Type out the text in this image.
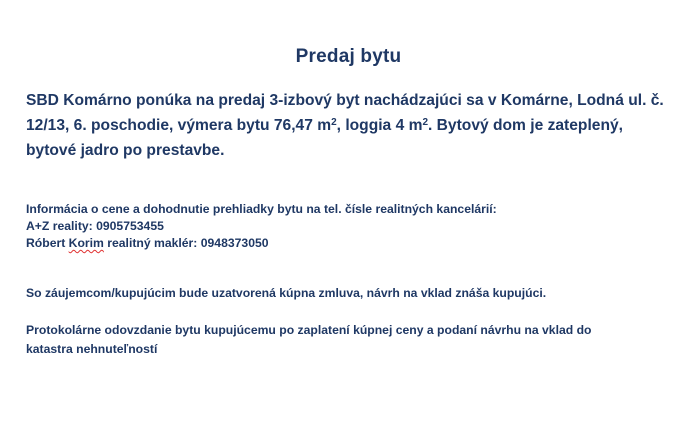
Predaj bytu
SBD Komárno ponúka na predaj 3-izbový byt nachádzajúci sa v Komárne, Lodná ul. č. 12/13, 6. poschodie, výmera bytu 76,47 $m^2$, loggia 4 $m^2$. Bytový dom je zateplený, bytové jadro po prestavbe.
Informácia o cene a dohodnutie prehliadky bytu na tel. čísle realitných kancelárií:
A+Z reality: 0905753455
Róbert Korim realitný maklér: 0948373050
So záujemcom/kupujúcim bude uzatvorená kúpna zmluva, návrh na vklad znáša kupujúci.
Protokolárne odovzdanie bytu kupujúcemu po zaplatení kúpnej ceny a podaní návrhu na vklad do katastra nehnuteľností
